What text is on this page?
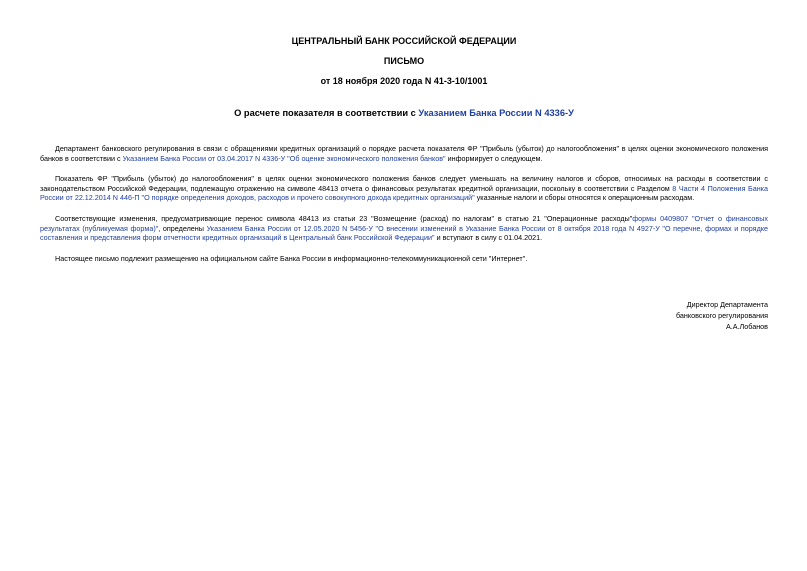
ЦЕНТРАЛЬНЫЙ БАНК РОССИЙСКОЙ ФЕДЕРАЦИИ

ПИСЬМО

от 18 ноября 2020 года N 41-3-10/1001

О расчете показателя в соответствии с Указанием Банка России N 4336-У

Департамент банковского регулирования в связи с обращениями кредитных организаций о порядке расчета показателя ФР "Прибыль (убыток) до налогообложения" в целях оценки экономического положения банков в соответствии с Указанием Банка России от 03.04.2017 N 4336-У "Об оценке экономического положения банков" информирует о следующем.

Показатель ФР "Прибыль (убыток) до налогообложения" в целях оценки экономического положения банков следует уменьшать на величину налогов и сборов, относимых на расходы в соответствии с законодательством Российской Федерации, подлежащую отражению на символе 48413 отчета о финансовых результатах кредитной организации, поскольку в соответствии с Разделом 8 Части 4 Положения Банка России от 22.12.2014 N 446-П "О порядке определения доходов, расходов и прочего совокупного дохода кредитных организаций" указанные налоги и сборы относятся к операционным расходам.

Соответствующие изменения, предусматривающие перенос символа 48413 из статьи 23 "Возмещение (расход) по налогам" в статью 21 "Операционные расходы"формы 0409807 "Отчет о финансовых результатах (публикуемая форма)", определены Указанием Банка России от 12.05.2020 N 5456-У "О внесении изменений в Указание Банка России от 8 октября 2018 года N 4927-У "О перечне, формах и порядке составления и представления форм отчетности кредитных организаций в Центральный банк Российской Федерации" и вступают в силу с 01.04.2021.

Настоящее письмо подлежит размещению на официальном сайте Банка России в информационно-телекоммуникационной сети "Интернет".

Директор Департамента
банковского регулирования
А.А.Лобанов
